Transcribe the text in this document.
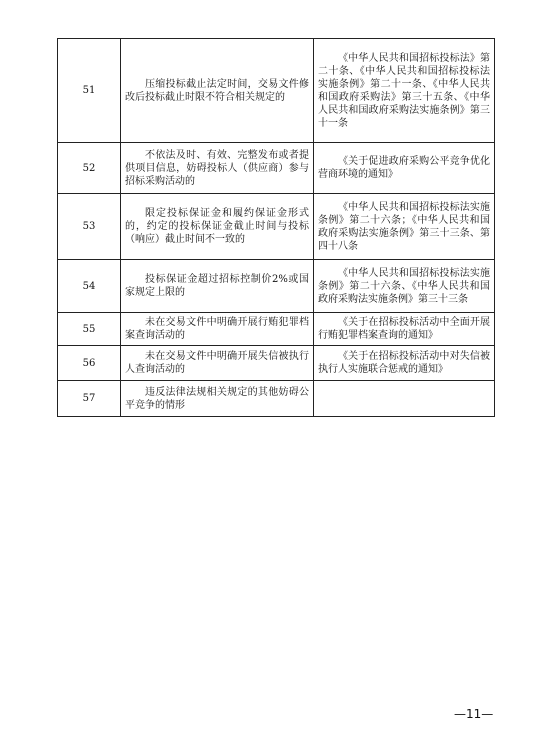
51	压缩投标截止法定时间，交易文件修改后投标截止时限不符合相关规定的	《中华人民共和国招标投标法》第二十条、《中华人民共和国招标投标法实施条例》第二十一条、《中华人民共和国政府采购法》第三十五条、《中华人民共和国政府采购法实施条例》第三十一条
52	不依法及时、有效、完整发布或者提供项目信息，妨碍投标人（供应商）参与招标采购活动的	《关于促进政府采购公平竞争优化营商环境的通知》
53	限定投标保证金和履约保证金形式的，约定的投标保证金截止时间与投标（响应）截止时间不一致的	《中华人民共和国招标投标法实施条例》第二十六条；《中华人民共和国政府采购法实施条例》第三十三条、第四十八条
54	投标保证金超过招标控制价2%或国家规定上限的	《中华人民共和国招标投标法实施条例》第二十六条、《中华人民共和国政府采购法实施条例》第三十三条
55	未在交易文件中明确开展行贿犯罪档案查询活动的	《关于在招标投标活动中全面开展行贿犯罪档案查询的通知》
56	未在交易文件中明确开展失信被执行人查询活动的	《关于在招标投标活动中对失信被执行人实施联合惩戒的通知》
57	违反法律法规相关规定的其他妨碍公平竞争的情形	
—11—
